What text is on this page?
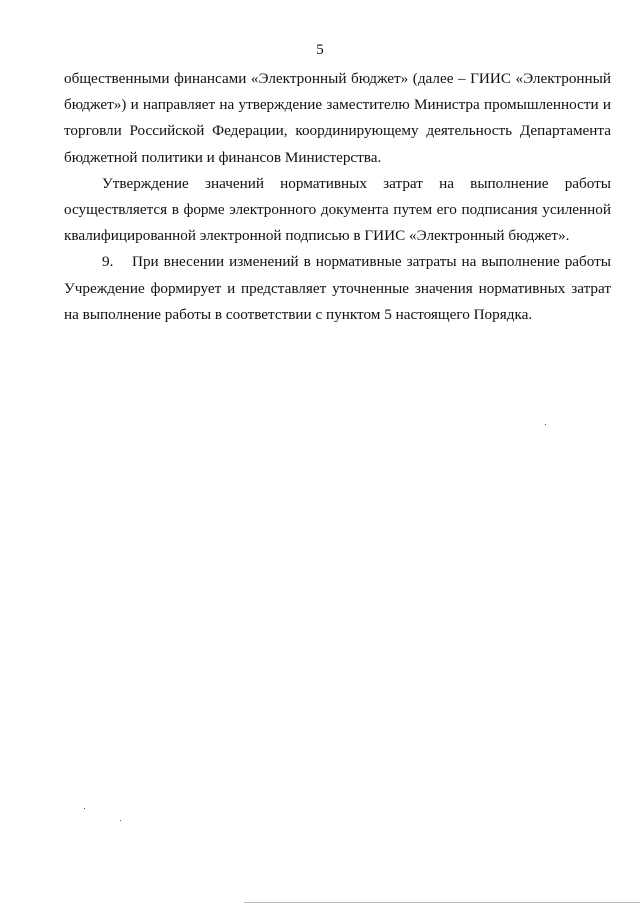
5

общественными финансами «Электронный бюджет» (далее – ГИИС «Электронный бюджет») и направляет на утверждение заместителю Министра промышленности и торговли Российской Федерации, координирующему деятельность Департамента бюджетной политики и финансов Министерства.

Утверждение значений нормативных затрат на выполнение работы осуществляется в форме электронного документа путем его подписания усиленной квалифицированной электронной подписью в ГИИС «Электронный бюджет».

9. При внесении изменений в нормативные затраты на выполнение работы Учреждение формирует и представляет уточненные значения нормативных затрат на выполнение работы в соответствии с пунктом 5 настоящего Порядка.
